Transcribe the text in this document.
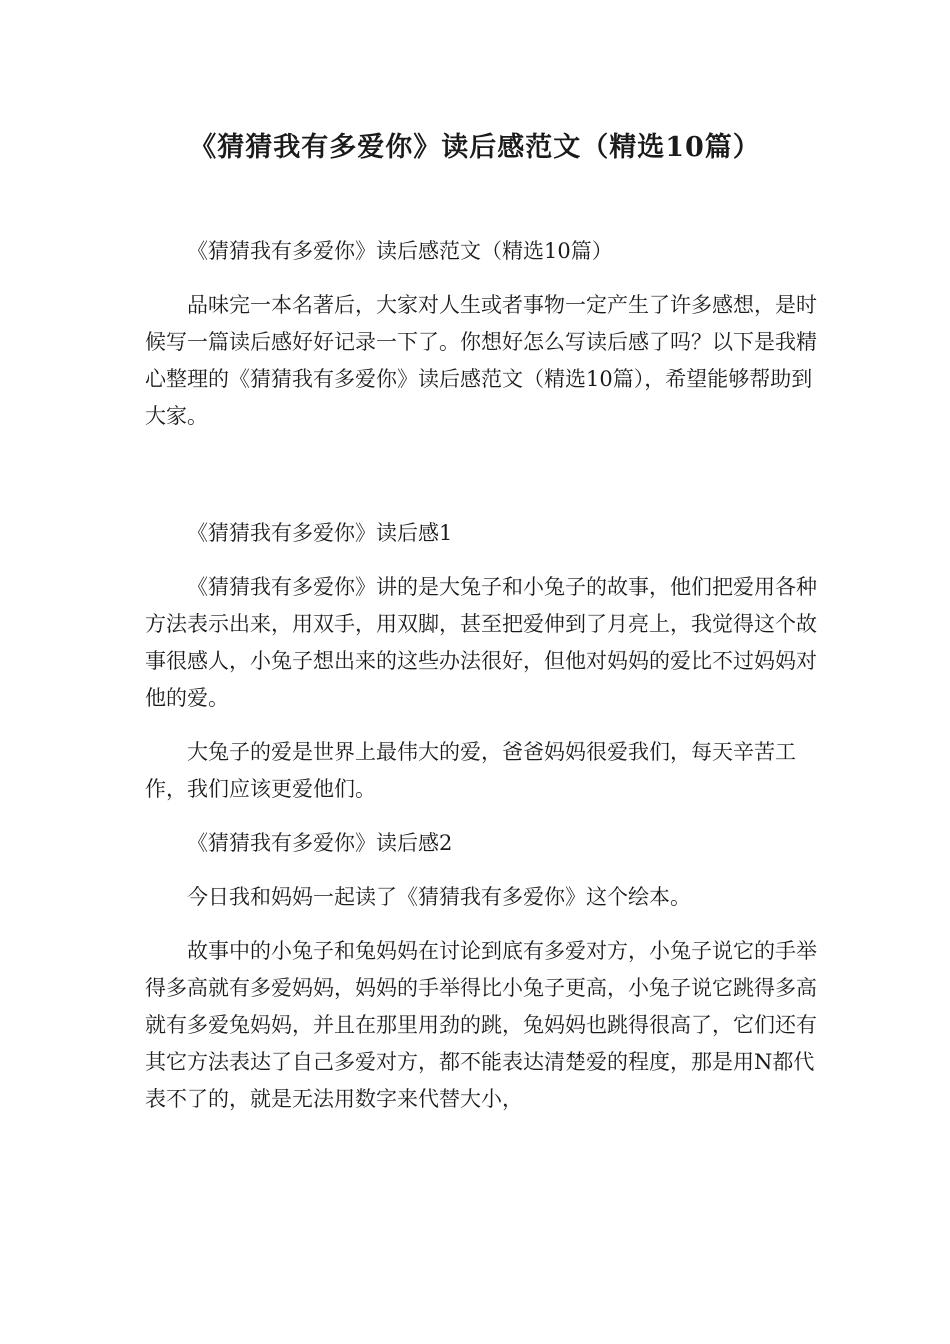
《猜猜我有多爱你》读后感范文（精选10篇）

《猜猜我有多爱你》读后感范文（精选10篇）

品味完一本名著后，大家对人生或者事物一定产生了许多感想，是时候写一篇读后感好好记录一下了。你想好怎么写读后感了吗？以下是我精心整理的《猜猜我有多爱你》读后感范文（精选10篇），希望能够帮助到大家。

《猜猜我有多爱你》读后感1

《猜猜我有多爱你》讲的是大兔子和小兔子的故事，他们把爱用各种方法表示出来，用双手，用双脚，甚至把爱伸到了月亮上，我觉得这个故事很感人，小兔子想出来的这些办法很好，但他对妈妈的爱比不过妈妈对他的爱。

大兔子的爱是世界上最伟大的爱，爸爸妈妈很爱我们，每天辛苦工作，我们应该更爱他们。

《猜猜我有多爱你》读后感2

今日我和妈妈一起读了《猜猜我有多爱你》这个绘本。

故事中的小兔子和兔妈妈在讨论到底有多爱对方，小兔子说它的手举得多高就有多爱妈妈，妈妈的手举得比小兔子更高，小兔子说它跳得多高就有多爱兔妈妈，并且在那里用劲的跳，兔妈妈也跳得很高了，它们还有其它方法表达了自己多爱对方，都不能表达清楚爱的程度，那是用N都代表不了的，就是无法用数字来代替大小，
